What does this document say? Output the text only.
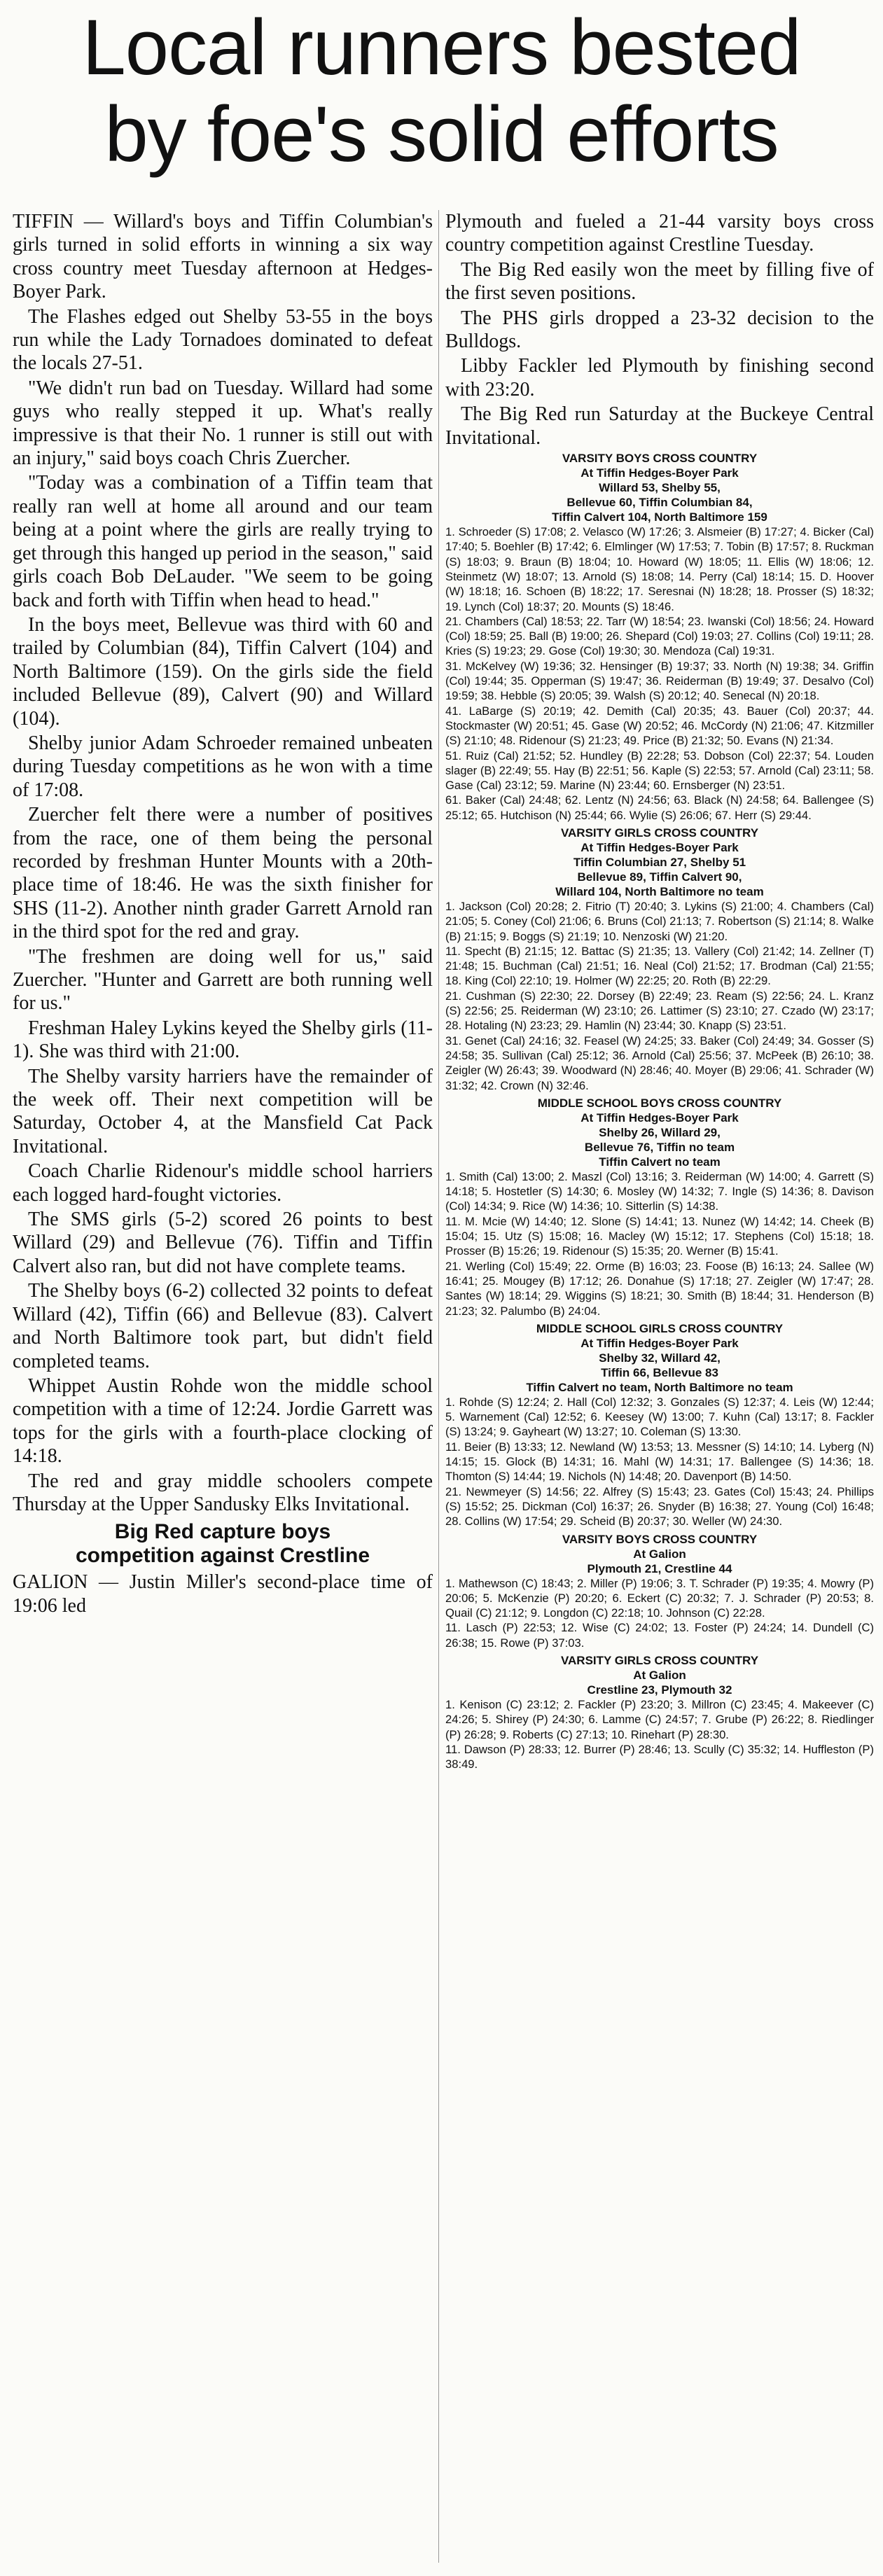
Local runners bested
by foe's solid efforts

TIFFIN — Willard's boys and Tiffin Columbian's girls turned in solid efforts in winning a six way cross country meet Tuesday afternoon at Hedges-Boyer Park.

The Flashes edged out Shelby 53-55 in the boys run while the Lady Tornadoes dominated to defeat the locals 27-51.

"We didn't run bad on Tuesday. Willard had some guys who really stepped it up. What's really impressive is that their No. 1 runner is still out with an injury," said boys coach Chris Zuercher.

"Today was a combination of a Tiffin team that really ran well at home all around and our team being at a point where the girls are really trying to get through this hanged up period in the season," said girls coach Bob DeLauder. "We seem to be going back and forth with Tiffin when head to head."

In the boys meet, Bellevue was third with 60 and trailed by Columbian (84), Tiffin Calvert (104) and North Baltimore (159). On the girls side the field included Bellevue (89), Calvert (90) and Willard (104).

Shelby junior Adam Schroeder remained unbeaten during Tuesday competitions as he won with a time of 17:08.

Zuercher felt there were a number of positives from the race, one of them being the personal recorded by freshman Hunter Mounts with a 20th-place time of 18:46. He was the sixth finisher for SHS (11-2). Another ninth grader Garrett Arnold ran in the third spot for the red and gray.

"The freshmen are doing well for us," said Zuercher. "Hunter and Garrett are both running well for us."

Freshman Haley Lykins keyed the Shelby girls (11-1). She was third with 21:00.

The Shelby varsity harriers have the remainder of the week off. Their next competition will be Saturday, October 4, at the Mansfield Cat Pack Invitational.

Coach Charlie Ridenour's middle school harriers each logged hard-fought victories.

The SMS girls (5-2) scored 26 points to best Willard (29) and Bellevue (76). Tiffin and Tiffin Calvert also ran, but did not have complete teams.

The Shelby boys (6-2) collected 32 points to defeat Willard (42), Tiffin (66) and Bellevue (83). Calvert and North Baltimore took part, but didn't field completed teams.

Whippet Austin Rohde won the middle school competition with a time of 12:24. Jordie Garrett was tops for the girls with a fourth-place clocking of 14:18.

The red and gray middle schoolers compete Thursday at the Upper Sandusky Elks Invitational.

Big Red capture boys
competition against Crestline

GALION — Justin Miller's second-place time of 19:06 led

Plymouth and fueled a 21-44 varsity boys cross country competition against Crestline Tuesday.

The Big Red easily won the meet by filling five of the first seven positions.

The PHS girls dropped a 23-32 decision to the Bulldogs.

Libby Fackler led Plymouth by finishing second with 23:20.

The Big Red run Saturday at the Buckeye Central Invitational.

VARSITY BOYS CROSS COUNTRY
At Tiffin Hedges-Boyer Park
Willard 53, Shelby 55,
Bellevue 60, Tiffin Columbian 84,
Tiffin Calvert 104, North Baltimore 159
1. Schroeder (S) 17:08; 2. Velasco (W) 17:26; 3. Alsmeier (B) 17:27; 4. Bicker (Cal) 17:40; 5. Boehler (B) 17:42; 6. Elmlinger (W) 17:53; 7. Tobin (B) 17:57; 8. Ruckman (S) 18:03; 9. Braun (B) 18:04; 10. Howard (W) 18:05; 11. Ellis (W) 18:06; 12. Steinmetz (W) 18:07; 13. Arnold (S) 18:08; 14. Perry (Cal) 18:14; 15. D. Hoover (W) 18:18; 16. Schoen (B) 18:22; 17. Seresnai (N) 18:28; 18. Prosser (S) 18:32; 19. Lynch (Col) 18:37; 20. Mounts (S) 18:46.
21. Chambers (Cal) 18:53; 22. Tarr (W) 18:54; 23. Iwanski (Col) 18:56; 24. Howard (Col) 18:59; 25. Ball (B) 19:00; 26. Shepard (Col) 19:03; 27. Collins (Col) 19:11; 28. Kries (S) 19:23; 29. Gose (Col) 19:30; 30. Mendoza (Cal) 19:31.
31. McKelvey (W) 19:36; 32. Hensinger (B) 19:37; 33. North (N) 19:38; 34. Griffin (Col) 19:44; 35. Opperman (S) 19:47; 36. Reiderman (B) 19:49; 37. Desalvo (Col) 19:59; 38. Hebble (S) 20:05; 39. Walsh (S) 20:12; 40. Senecal (N) 20:18.
41. LaBarge (S) 20:19; 42. Demith (Cal) 20:35; 43. Bauer (Col) 20:37; 44. Stockmaster (W) 20:51; 45. Gase (W) 20:52; 46. McCordy (N) 21:06; 47. Kitzmiller (S) 21:10; 48. Ridenour (S) 21:23; 49. Price (B) 21:32; 50. Evans (N) 21:34.
51. Ruiz (Cal) 21:52; 52. Hundley (B) 22:28; 53. Dobson (Col) 22:37; 54. Louden slager (B) 22:49; 55. Hay (B) 22:51; 56. Kaple (S) 22:53; 57. Arnold (Cal) 23:11; 58. Gase (Cal) 23:12; 59. Marine (N) 23:44; 60. Ernsberger (N) 23:51.
61. Baker (Cal) 24:48; 62. Lentz (N) 24:56; 63. Black (N) 24:58; 64. Ballengee (S) 25:12; 65. Hutchison (N) 25:44; 66. Wylie (S) 26:06; 67. Herr (S) 29:44.
VARSITY GIRLS CROSS COUNTRY
At Tiffin Hedges-Boyer Park
Tiffin Columbian 27, Shelby 51
Bellevue 89, Tiffin Calvert 90,
Willard 104, North Baltimore no team
1. Jackson (Col) 20:28; 2. Fitrio (T) 20:40; 3. Lykins (S) 21:00; 4. Chambers (Cal) 21:05; 5. Coney (Col) 21:06; 6. Bruns (Col) 21:13; 7. Robertson (S) 21:14; 8. Walke (B) 21:15; 9. Boggs (S) 21:19; 10. Nenzoski (W) 21:20.
11. Specht (B) 21:15; 12. Battac (S) 21:35; 13. Vallery (Col) 21:42; 14. Zellner (T) 21:48; 15. Buchman (Cal) 21:51; 16. Neal (Col) 21:52; 17. Brodman (Cal) 21:55; 18. King (Col) 22:10; 19. Holmer (W) 22:25; 20. Roth (B) 22:29.
21. Cushman (S) 22:30; 22. Dorsey (B) 22:49; 23. Ream (S) 22:56; 24. L. Kranz (S) 22:56; 25. Reiderman (W) 23:10; 26. Lattimer (S) 23:10; 27. Czado (W) 23:17; 28. Hotaling (N) 23:23; 29. Hamlin (N) 23:44; 30. Knapp (S) 23:51.
31. Genet (Cal) 24:16; 32. Feasel (W) 24:25; 33. Baker (Col) 24:49; 34. Gosser (S) 24:58; 35. Sullivan (Cal) 25:12; 36. Arnold (Cal) 25:56; 37. McPeek (B) 26:10; 38. Zeigler (W) 26:43; 39. Woodward (N) 28:46; 40. Moyer (B) 29:06; 41. Schrader (W) 31:32; 42. Crown (N) 32:46.
MIDDLE SCHOOL BOYS CROSS COUNTRY
At Tiffin Hedges-Boyer Park
Shelby 26, Willard 29,
Bellevue 76, Tiffin no team
Tiffin Calvert no team
1. Smith (Cal) 13:00; 2. Maszl (Col) 13:16; 3. Reiderman (W) 14:00; 4. Garrett (S) 14:18; 5. Hostetler (S) 14:30; 6. Mosley (W) 14:32; 7. Ingle (S) 14:36; 8. Davison (Col) 14:34; 9. Rice (W) 14:36; 10. Sitterlin (S) 14:38.
11. M. Mcie (W) 14:40; 12. Slone (S) 14:41; 13. Nunez (W) 14:42; 14. Cheek (B) 15:04; 15. Utz (S) 15:08; 16. Macley (W) 15:12; 17. Stephens (Col) 15:18; 18. Prosser (B) 15:26; 19. Ridenour (S) 15:35; 20. Werner (B) 15:41.
21. Werling (Col) 15:49; 22. Orme (B) 16:03; 23. Foose (B) 16:13; 24. Sallee (W) 16:41; 25. Mougey (B) 17:12; 26. Donahue (S) 17:18; 27. Zeigler (W) 17:47; 28. Santes (W) 18:14; 29. Wiggins (S) 18:21; 30. Smith (B) 18:44; 31. Henderson (B) 21:23; 32. Palumbo (B) 24:04.
MIDDLE SCHOOL GIRLS CROSS COUNTRY
At Tiffin Hedges-Boyer Park
Shelby 32, Willard 42,
Tiffin 66, Bellevue 83
Tiffin Calvert no team, North Baltimore no team
1. Rohde (S) 12:24; 2. Hall (Col) 12:32; 3. Gonzales (S) 12:37; 4. Leis (W) 12:44; 5. Warnement (Cal) 12:52; 6. Keesey (W) 13:00; 7. Kuhn (Cal) 13:17; 8. Fackler (S) 13:24; 9. Gayheart (W) 13:27; 10. Coleman (S) 13:30.
11. Beier (B) 13:33; 12. Newland (W) 13:53; 13. Messner (S) 14:10; 14. Lyberg (N) 14:15; 15. Glock (B) 14:31; 16. Mahl (W) 14:31; 17. Ballengee (S) 14:36; 18. Thomton (S) 14:44; 19. Nichols (N) 14:48; 20. Davenport (B) 14:50.
21. Newmeyer (S) 14:56; 22. Alfrey (S) 15:43; 23. Gates (Col) 15:43; 24. Phillips (S) 15:52; 25. Dickman (Col) 16:37; 26. Snyder (B) 16:38; 27. Young (Col) 16:48; 28. Collins (W) 17:54; 29. Scheid (B) 20:37; 30. Weller (W) 24:30.
VARSITY BOYS CROSS COUNTRY
At Galion
Plymouth 21, Crestline 44
1. Mathewson (C) 18:43; 2. Miller (P) 19:06; 3. T. Schrader (P) 19:35; 4. Mowry (P) 20:06; 5. McKenzie (P) 20:20; 6. Eckert (C) 20:32; 7. J. Schrader (P) 20:53; 8. Quail (C) 21:12; 9. Longdon (C) 22:18; 10. Johnson (C) 22:28.
11. Lasch (P) 22:53; 12. Wise (C) 24:02; 13. Foster (P) 24:24; 14. Dundell (C) 26:38; 15. Rowe (P) 37:03.
VARSITY GIRLS CROSS COUNTRY
At Galion
Crestline 23, Plymouth 32
1. Kenison (C) 23:12; 2. Fackler (P) 23:20; 3. Millron (C) 23:45; 4. Makeever (C) 24:26; 5. Shirey (P) 24:30; 6. Lamme (C) 24:57; 7. Grube (P) 26:22; 8. Riedlinger (P) 26:28; 9. Roberts (C) 27:13; 10. Rinehart (P) 28:30.
11. Dawson (P) 28:33; 12. Burrer (P) 28:46; 13. Scully (C) 35:32; 14. Huffleston (P) 38:49.
